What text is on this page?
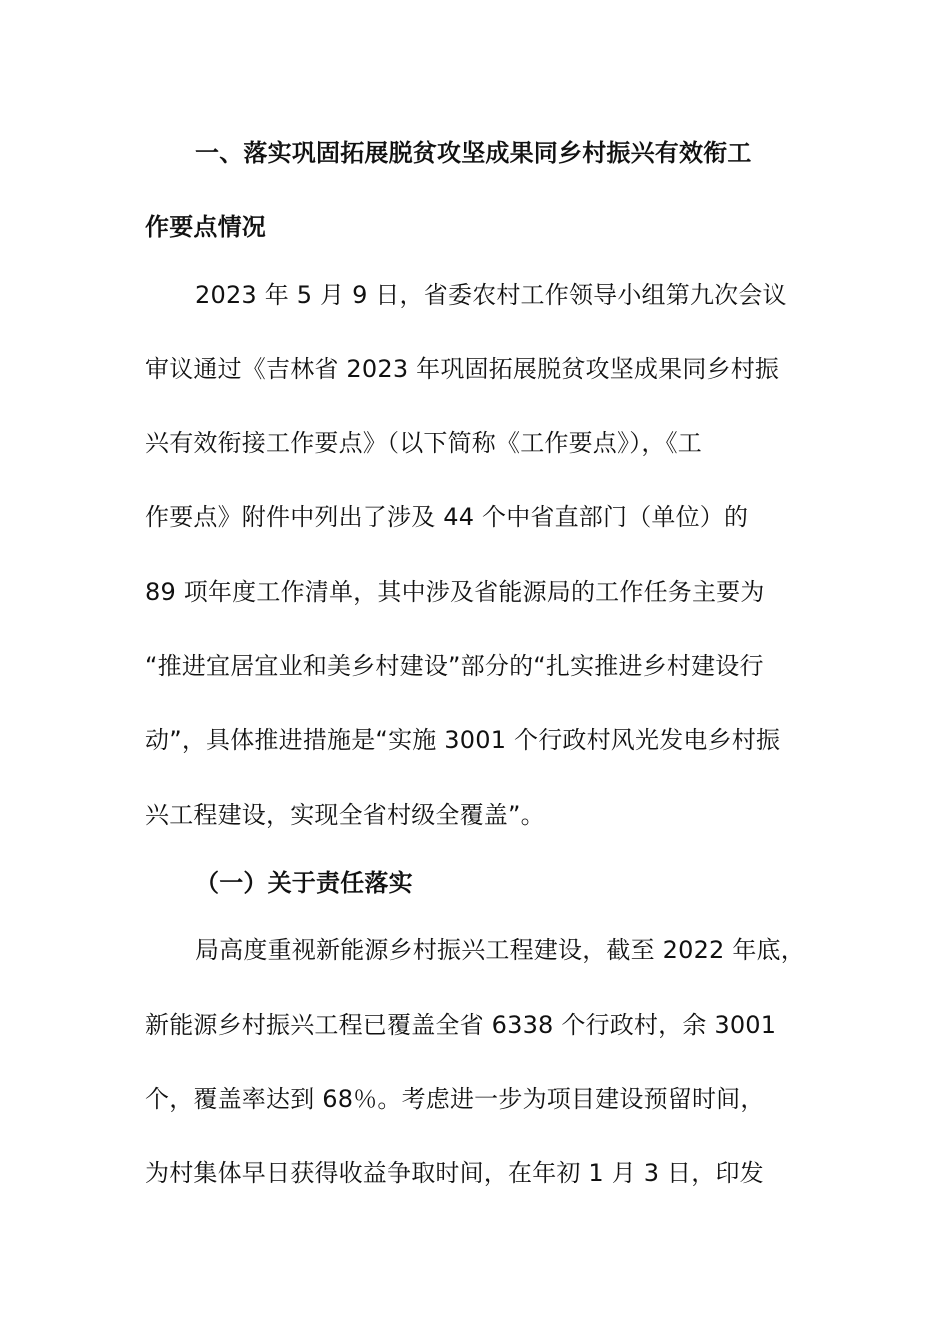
一、落实巩固拓展脱贫攻坚成果同乡村振兴有效衔工
作要点情况
2023 年 5 月 9 日，省委农村工作领导小组第九次会议
审议通过《吉林省 2023 年巩固拓展脱贫攻坚成果同乡村振
兴有效衔接工作要点》（以下简称《工作要点》），《工
作要点》附件中列出了涉及 44 个中省直部门（单位）的
89 项年度工作清单，其中涉及省能源局的工作任务主要为
“推进宜居宜业和美乡村建设”部分的“扎实推进乡村建设行
动”，具体推进措施是“实施 3001 个行政村风光发电乡村振
兴工程建设，实现全省村级全覆盖”。
（一）关于责任落实
局高度重视新能源乡村振兴工程建设，截至 2022 年底，
新能源乡村振兴工程已覆盖全省 6338 个行政村，余 3001
个，覆盖率达到 68％。考虑进一步为项目建设预留时间，
为村集体早日获得收益争取时间，在年初 1 月 3 日，印发
